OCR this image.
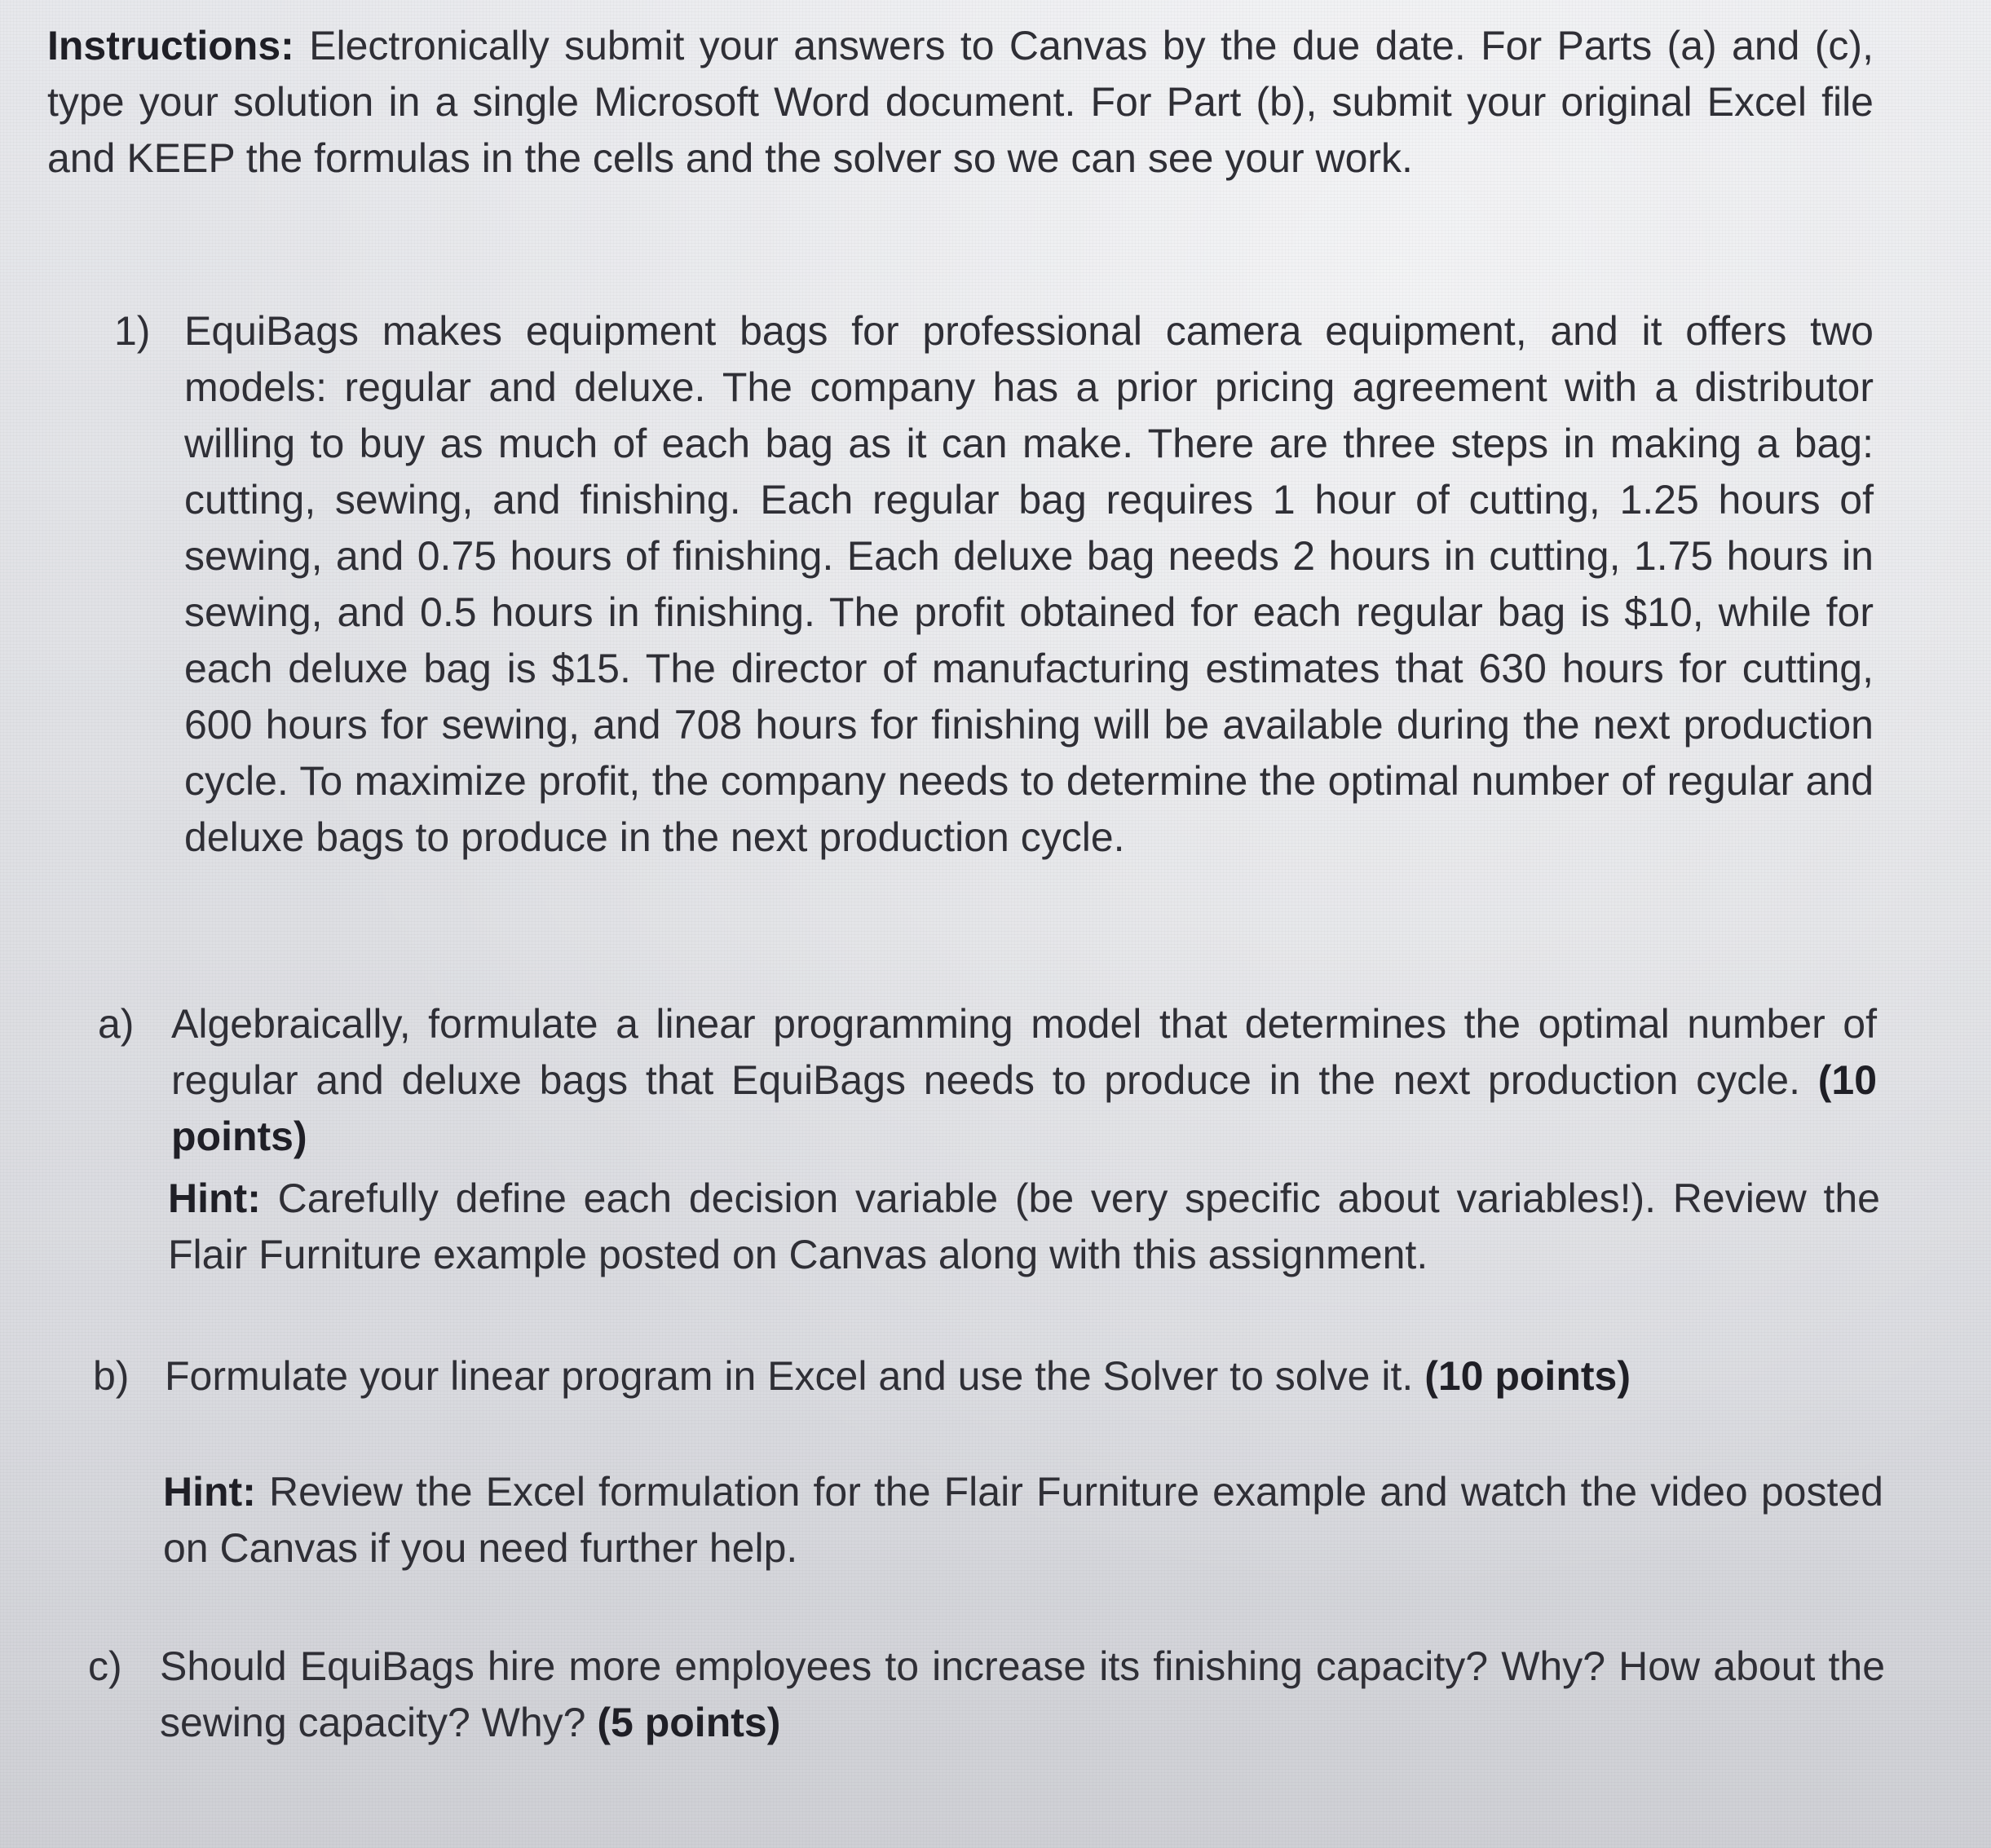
Instructions: Electronically submit your answers to Canvas by the due date. For Parts (a) and (c), type your solution in a single Microsoft Word document. For Part (b), submit your original Excel file and KEEP the formulas in the cells and the solver so we can see your work.

1) EquiBags makes equipment bags for professional camera equipment, and it offers two models: regular and deluxe. The company has a prior pricing agreement with a distributor willing to buy as much of each bag as it can make. There are three steps in making a bag: cutting, sewing, and finishing. Each regular bag requires 1 hour of cutting, 1.25 hours of sewing, and 0.75 hours of finishing. Each deluxe bag needs 2 hours in cutting, 1.75 hours in sewing, and 0.5 hours in finishing. The profit obtained for each regular bag is $10, while for each deluxe bag is $15. The director of manufacturing estimates that 630 hours for cutting, 600 hours for sewing, and 708 hours for finishing will be available during the next production cycle. To maximize profit, the company needs to determine the optimal number of regular and deluxe bags to produce in the next production cycle.

a) Algebraically, formulate a linear programming model that determines the optimal number of regular and deluxe bags that EquiBags needs to produce in the next production cycle. (10 points)

Hint: Carefully define each decision variable (be very specific about variables!). Review the Flair Furniture example posted on Canvas along with this assignment.

b) Formulate your linear program in Excel and use the Solver to solve it. (10 points)

Hint: Review the Excel formulation for the Flair Furniture example and watch the video posted on Canvas if you need further help.

c) Should EquiBags hire more employees to increase its finishing capacity? Why? How about the sewing capacity? Why? (5 points)
